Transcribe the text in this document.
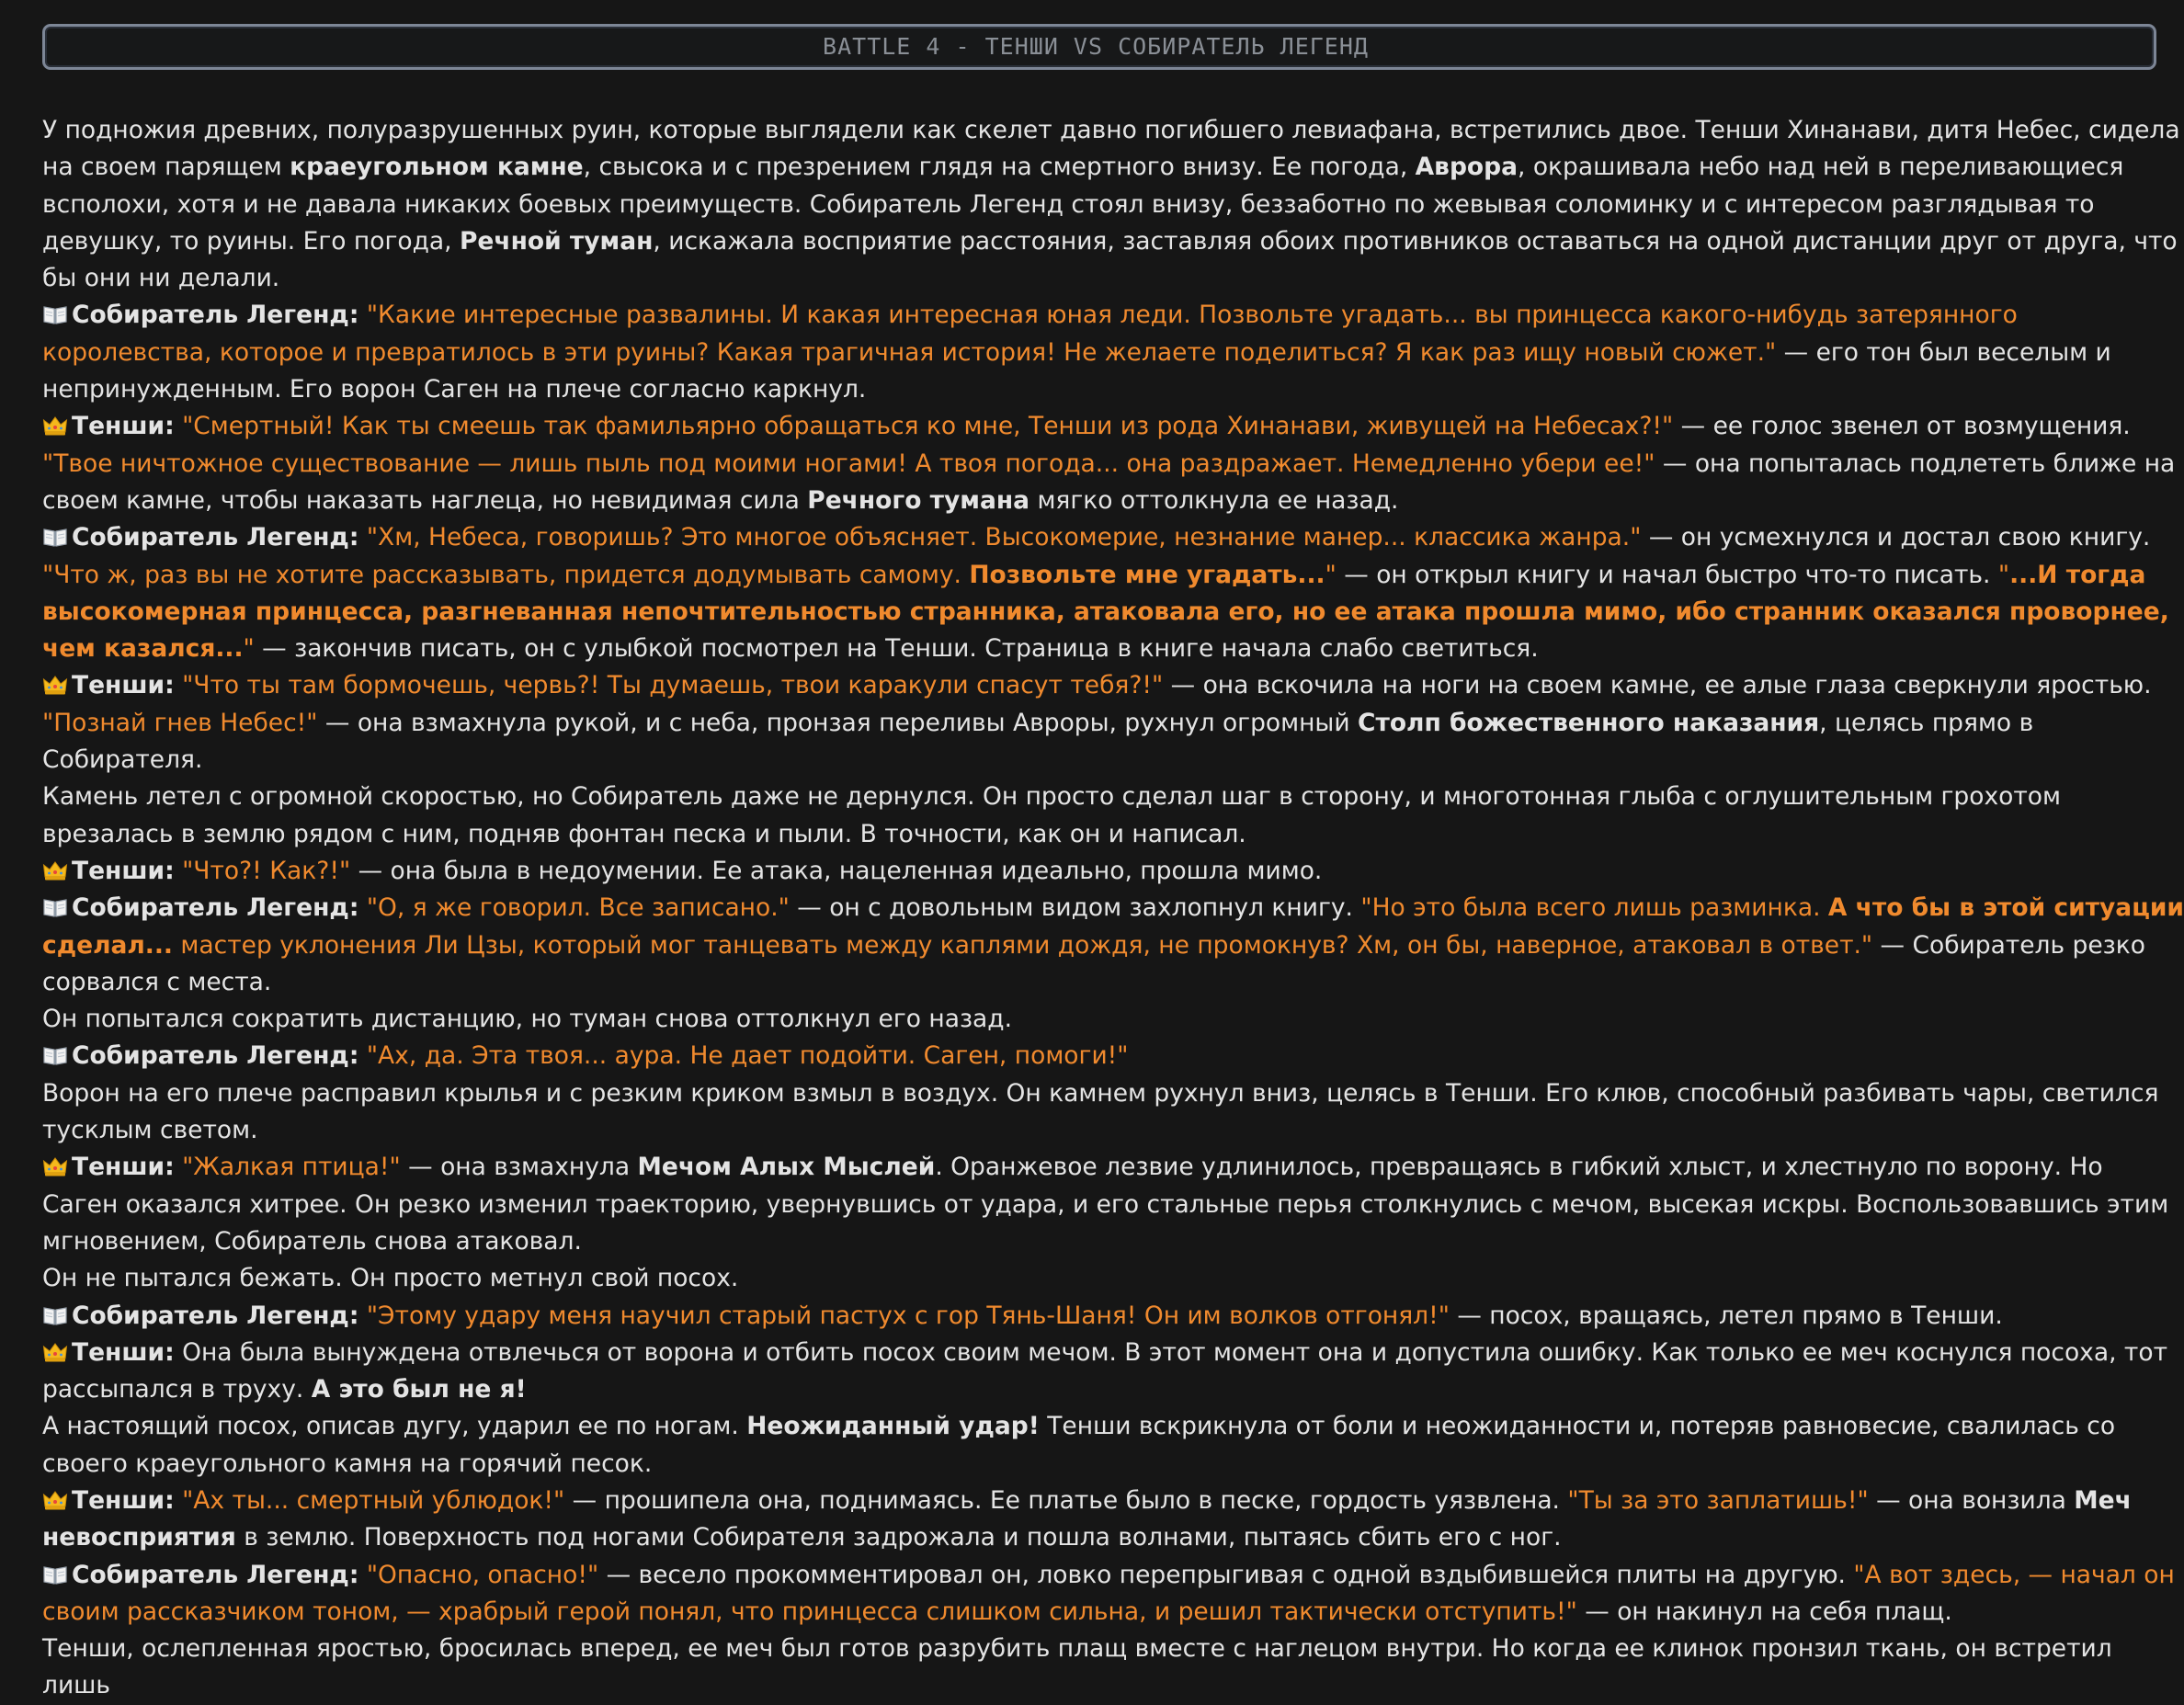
BATTLE 4 - ТЕНШИ VS СОБИРАТЕЛЬ ЛЕГЕНД

У подножия древних, полуразрушенных руин, которые выглядели как скелет давно погибшего левиафана, встретились двое. Тенши Хинанави, дитя Небес, сидела на своем парящем краеугольном камне, свысока и с презрением глядя на смертного внизу. Ее погода, Аврора, окрашивала небо над ней в переливающиеся всполохи, хотя и не давала никаких боевых преимуществ. Собиратель Легенд стоял внизу, беззаботно по жевывая соломинку и с интересом разглядывая то девушку, то руины. Его погода, Речной туман, искажала восприятие расстояния, заставляя обоих противников оставаться на одной дистанции друг от друга, что бы они ни делали.

Собиратель Легенд: "Какие интересные развалины. И какая интересная юная леди. Позвольте угадать... вы принцесса какого-нибудь затерянного королевства, которое и превратилось в эти руины? Какая трагичная история! Не желаете поделиться? Я как раз ищу новый сюжет." — его тон был веселым и непринужденным. Его ворон Саген на плече согласно каркнул.

Тенши: "Смертный! Как ты смеешь так фамильярно обращаться ко мне, Тенши из рода Хинанави, живущей на Небесах?!" — ее голос звенел от возмущения. "Твое ничтожное существование — лишь пыль под моими ногами! А твоя погода... она раздражает. Немедленно убери ее!" — она попыталась подлететь ближе на своем камне, чтобы наказать наглеца, но невидимая сила Речного тумана мягко оттолкнула ее назад.

Собиратель Легенд: "Хм, Небеса, говоришь? Это многое объясняет. Высокомерие, незнание манер... классика жанра." — он усмехнулся и достал свою книгу. "Что ж, раз вы не хотите рассказывать, придется додумывать самому. Позвольте мне угадать..." — он открыл книгу и начал быстро что-то писать. "...И тогда высокомерная принцесса, разгневанная непочтительностью странника, атаковала его, но ее атака прошла мимо, ибо странник оказался проворнее, чем казался..." — закончив писать, он с улыбкой посмотрел на Тенши. Страница в книге начала слабо светиться.

Тенши: "Что ты там бормочешь, червь?! Ты думаешь, твои каракули спасут тебя?!" — она вскочила на ноги на своем камне, ее алые глаза сверкнули яростью. "Познай гнев Небес!" — она взмахнула рукой, и с неба, пронзая переливы Авроры, рухнул огромный Столп божественного наказания, целясь прямо в Собирателя.

Камень летел с огромной скоростью, но Собиратель даже не дернулся. Он просто сделал шаг в сторону, и многотонная глыба с оглушительным грохотом врезалась в землю рядом с ним, подняв фонтан песка и пыли. В точности, как он и написал.

Тенши: "Что?! Как?!" — она была в недоумении. Ее атака, нацеленная идеально, прошла мимо.

Собиратель Легенд: "О, я же говорил. Все записано." — он с довольным видом захлопнул книгу. "Но это была всего лишь разминка. А что бы в этой ситуации сделал... мастер уклонения Ли Цзы, который мог танцевать между каплями дождя, не промокнув? Хм, он бы, наверное, атаковал в ответ." — Собиратель резко сорвался с места.

Он попытался сократить дистанцию, но туман снова оттолкнул его назад.

Собиратель Легенд: "Ах, да. Эта твоя... аура. Не дает подойти. Саген, помоги!"

Ворон на его плече расправил крылья и с резким криком взмыл в воздух. Он камнем рухнул вниз, целясь в Тенши. Его клюв, способный разбивать чары, светился тусклым светом.

Тенши: "Жалкая птица!" — она взмахнула Мечом Алых Мыслей. Оранжевое лезвие удлинилось, превращаясь в гибкий хлыст, и хлестнуло по ворону. Но Саген оказался хитрее. Он резко изменил траекторию, увернувшись от удара, и его стальные перья столкнулись с мечом, высекая искры. Воспользовавшись этим мгновением, Собиратель снова атаковал.

Он не пытался бежать. Он просто метнул свой посох.

Собиратель Легенд: "Этому удару меня научил старый пастух с гор Тянь-Шаня! Он им волков отгонял!" — посох, вращаясь, летел прямо в Тенши.

Тенши: Она была вынуждена отвлечься от ворона и отбить посох своим мечом. В этот момент она и допустила ошибку. Как только ее меч коснулся посоха, тот рассыпался в труху. А это был не я!

А настоящий посох, описав дугу, ударил ее по ногам. Неожиданный удар! Тенши вскрикнула от боли и неожиданности и, потеряв равновесие, свалилась со своего краеугольного камня на горячий песок.

Тенши: "Ах ты... смертный ублюдок!" — прошипела она, поднимаясь. Ее платье было в песке, гордость уязвлена. "Ты за это заплатишь!" — она вонзила Меч невосприятия в землю. Поверхность под ногами Собирателя задрожала и пошла волнами, пытаясь сбить его с ног.

Собиратель Легенд: "Опасно, опасно!" — весело прокомментировал он, ловко перепрыгивая с одной вздыбившейся плиты на другую. "А вот здесь, — начал он своим рассказчиком тоном, — храбрый герой понял, что принцесса слишком сильна, и решил тактически отступить!" — он накинул на себя плащ.

Тенши, ослепленная яростью, бросилась вперед, ее меч был готов разрубить плащ вместе с наглецом внутри. Но когда ее клинок пронзил ткань, он встретил лишь
